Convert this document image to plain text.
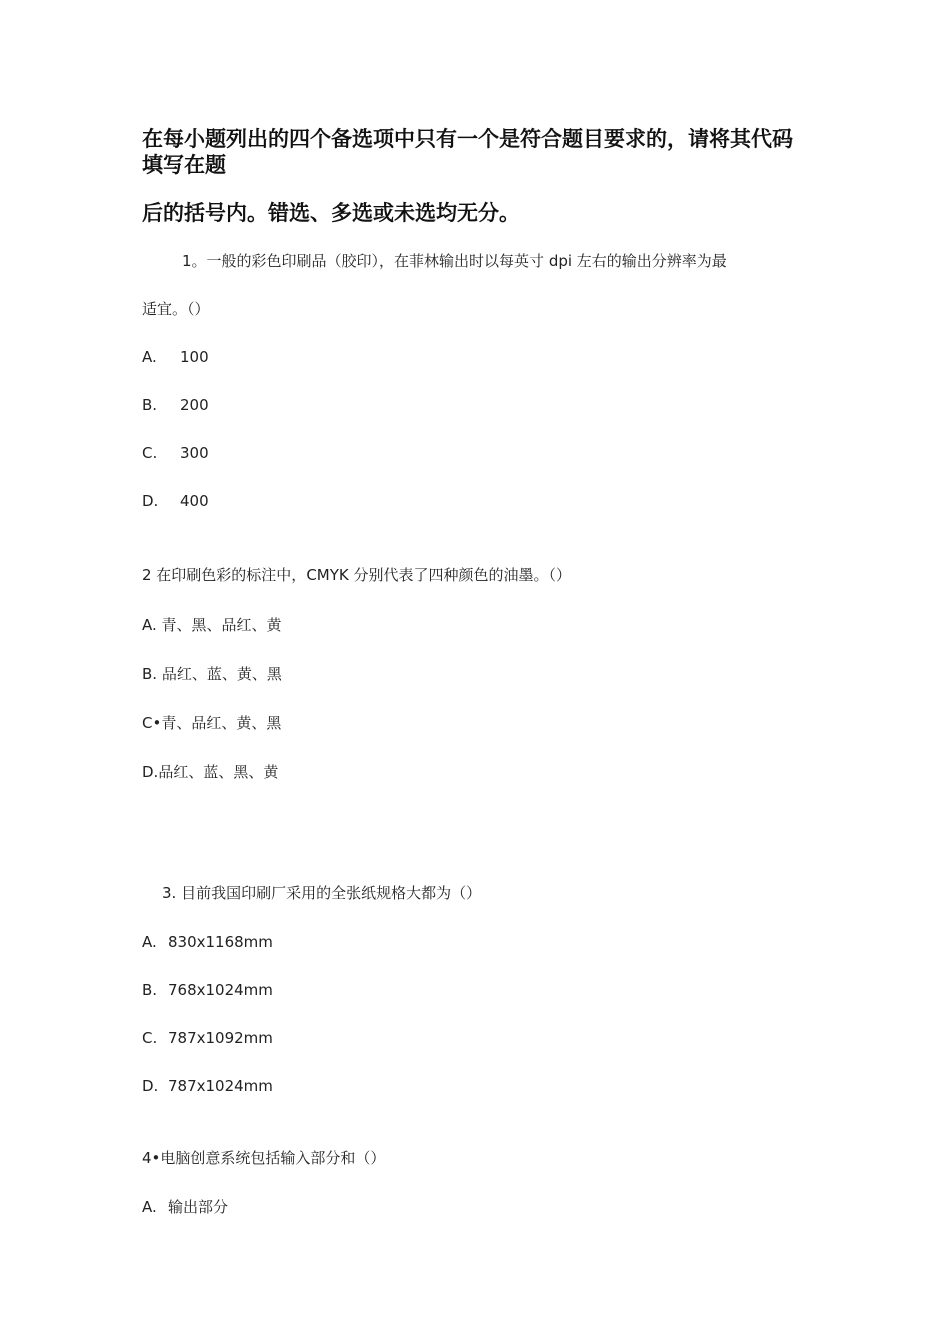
在每小题列出的四个备选项中只有一个是符合题目要求的，请将其代码
填写在题
后的括号内。错选、多选或未选均无分。
1。一般的彩色印刷品（胶印），在菲林输出时以每英寸 dpi 左右的输出分辨率为最
适宜。（）
A. 100
B. 200
C. 300
D. 400
2 在印刷色彩的标注中，CMYK 分别代表了四种颜色的油墨。（）
A. 青、黑、品红、黄
B. 品红、蓝、黄、黑
C•青、品红、黄、黑
D.品红、蓝、黑、黄
3. 目前我国印刷厂采用的全张纸规格大都为（）
A. 830x1168mm
B. 768x1024mm
C. 787x1092mm
D. 787x1024mm
4•电脑创意系统包括输入部分和（）
A. 输出部分
